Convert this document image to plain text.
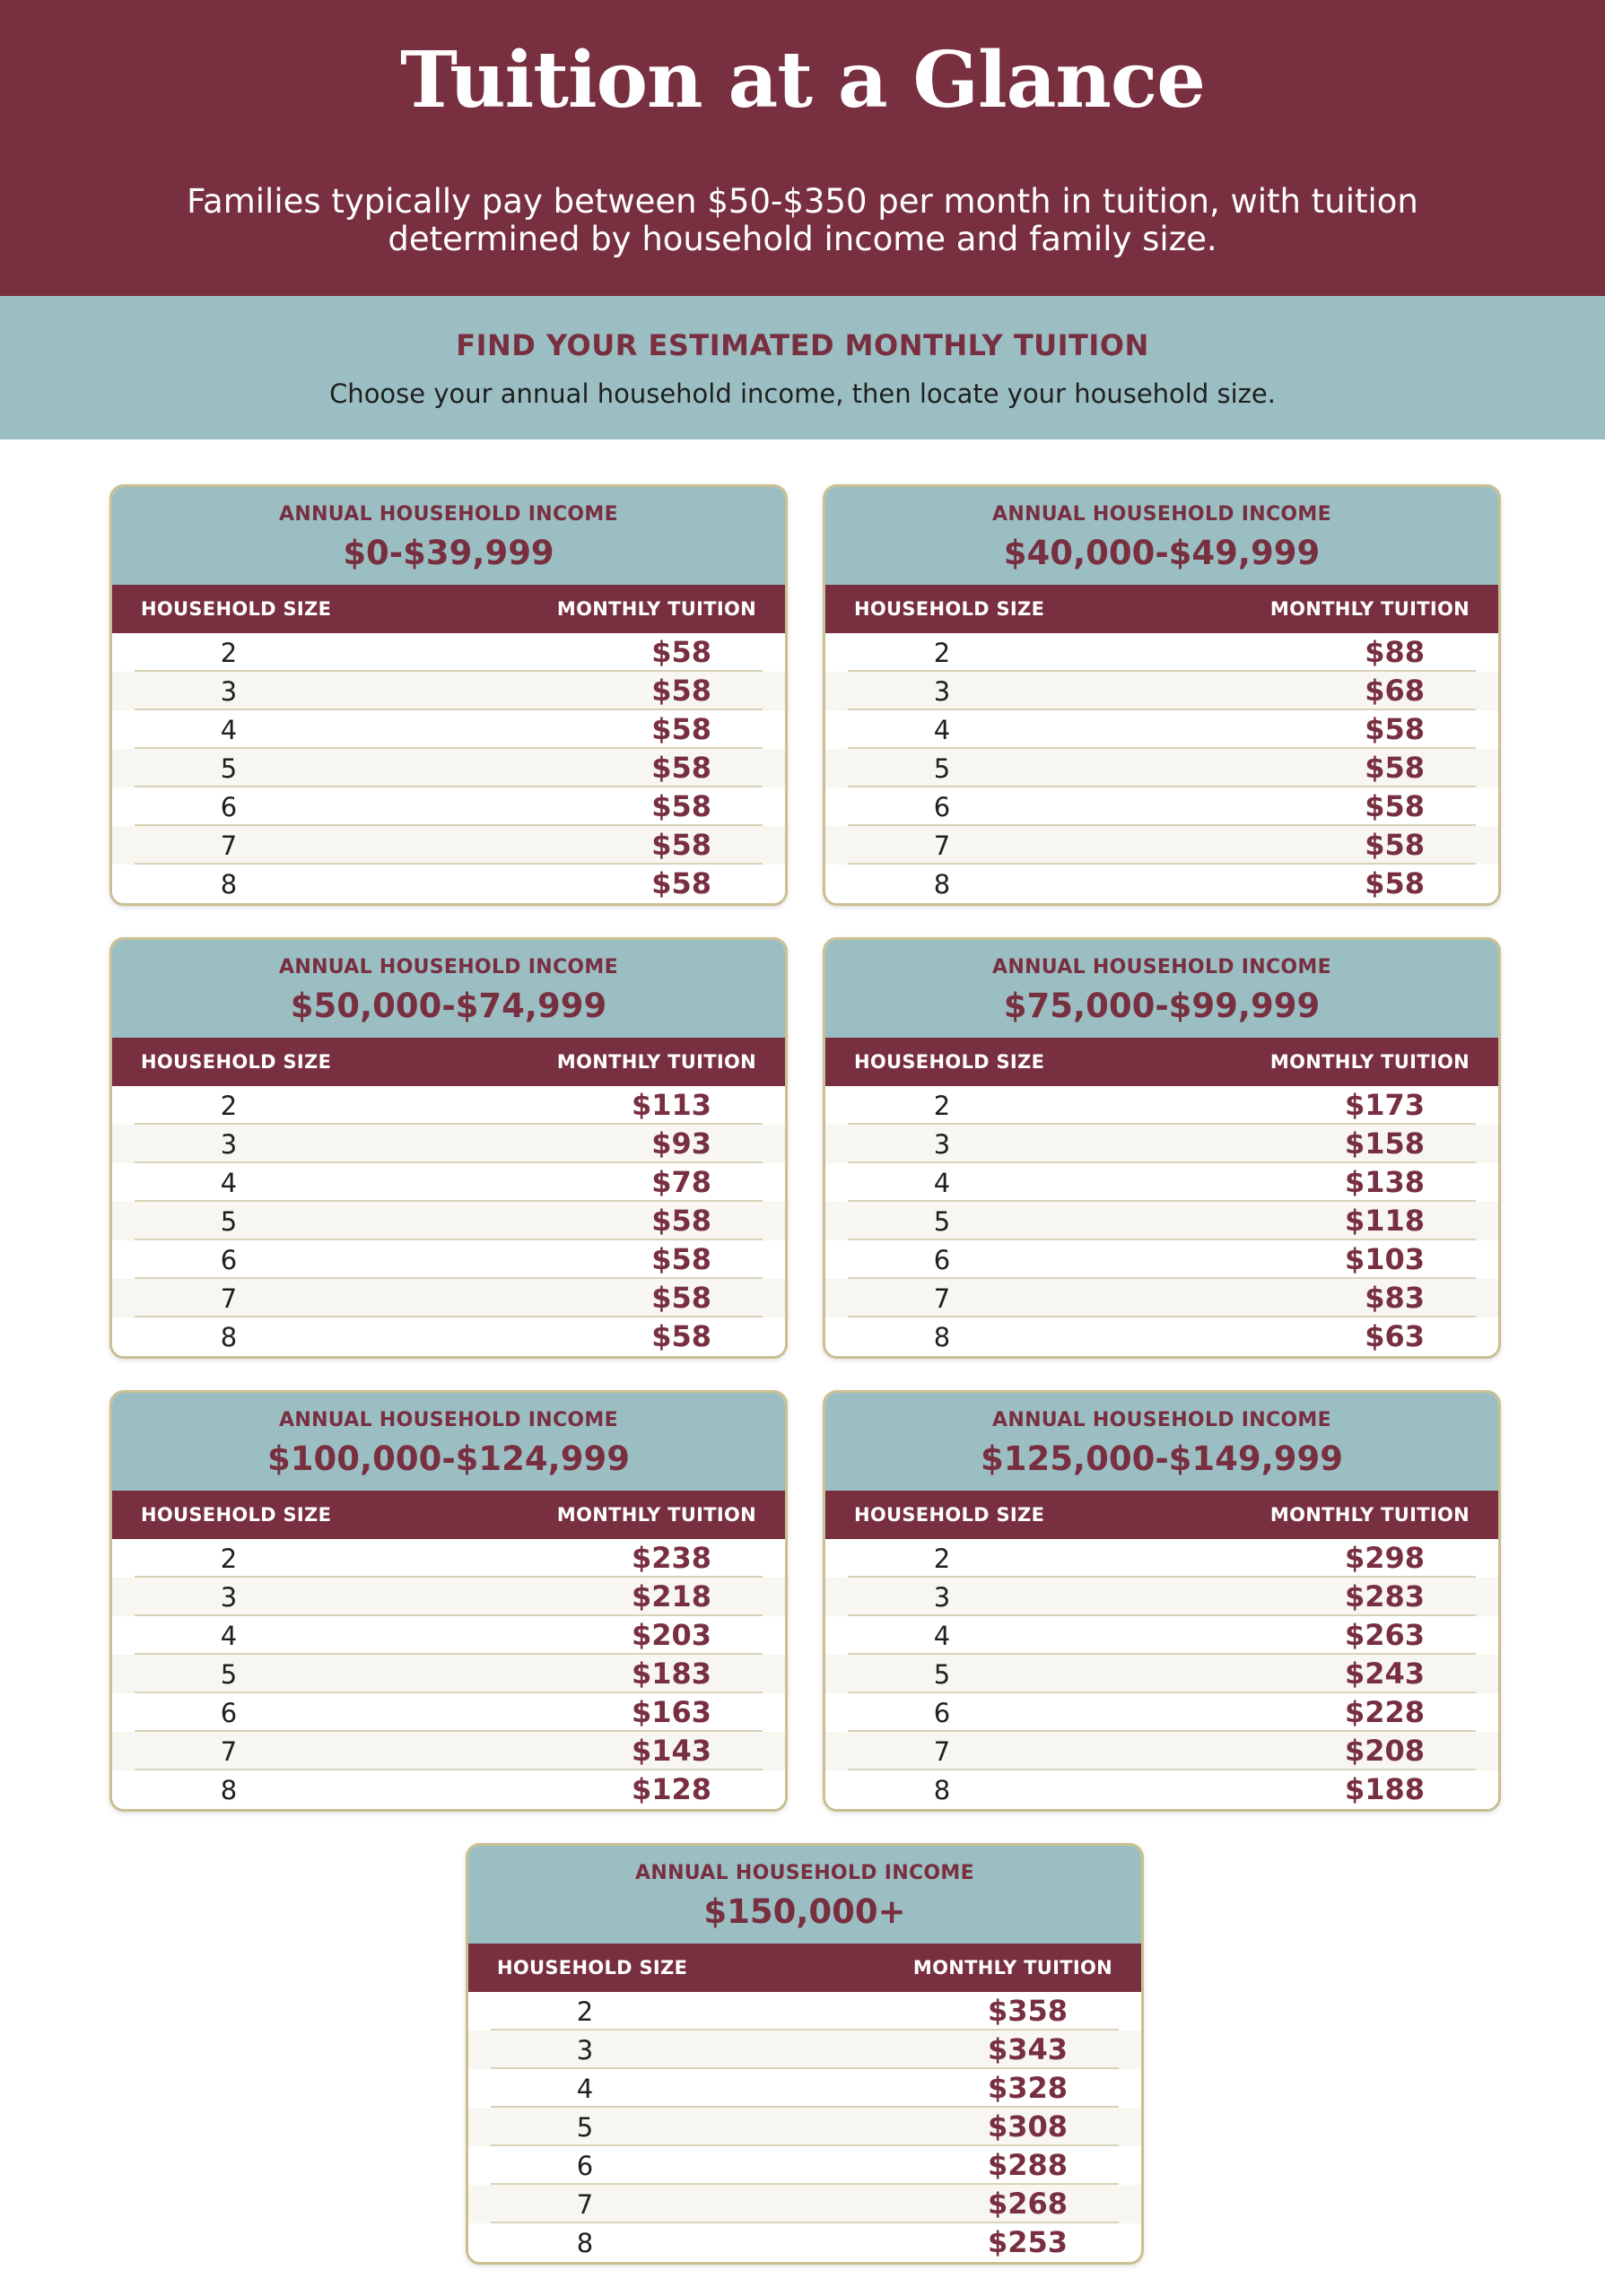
Tuition at a Glance

Families typically pay between $50-$350 per month in tuition, with tuition determined by household income and family size.

FIND YOUR ESTIMATED MONTHLY TUITION

Choose your annual household income, then locate your household size.

ANNUAL HOUSEHOLD INCOME
$0-$39,999
HOUSEHOLD SIZE	MONTHLY TUITION
2	$58
3	$58
4	$58
5	$58
6	$58
7	$58
8	$58
ANNUAL HOUSEHOLD INCOME
$40,000-$49,999
HOUSEHOLD SIZE	MONTHLY TUITION
2	$88
3	$68
4	$58
5	$58
6	$58
7	$58
8	$58
ANNUAL HOUSEHOLD INCOME
$50,000-$74,999
HOUSEHOLD SIZE	MONTHLY TUITION
2	$113
3	$93
4	$78
5	$58
6	$58
7	$58
8	$58
ANNUAL HOUSEHOLD INCOME
$75,000-$99,999
HOUSEHOLD SIZE	MONTHLY TUITION
2	$173
3	$158
4	$138
5	$118
6	$103
7	$83
8	$63
ANNUAL HOUSEHOLD INCOME
$100,000-$124,999
HOUSEHOLD SIZE	MONTHLY TUITION
2	$238
3	$218
4	$203
5	$183
6	$163
7	$143
8	$128
ANNUAL HOUSEHOLD INCOME
$125,000-$149,999
HOUSEHOLD SIZE	MONTHLY TUITION
2	$298
3	$283
4	$263
5	$243
6	$228
7	$208
8	$188
ANNUAL HOUSEHOLD INCOME
$150,000+
HOUSEHOLD SIZE	MONTHLY TUITION
2	$358
3	$343
4	$328
5	$308
6	$288
7	$268
8	$253
